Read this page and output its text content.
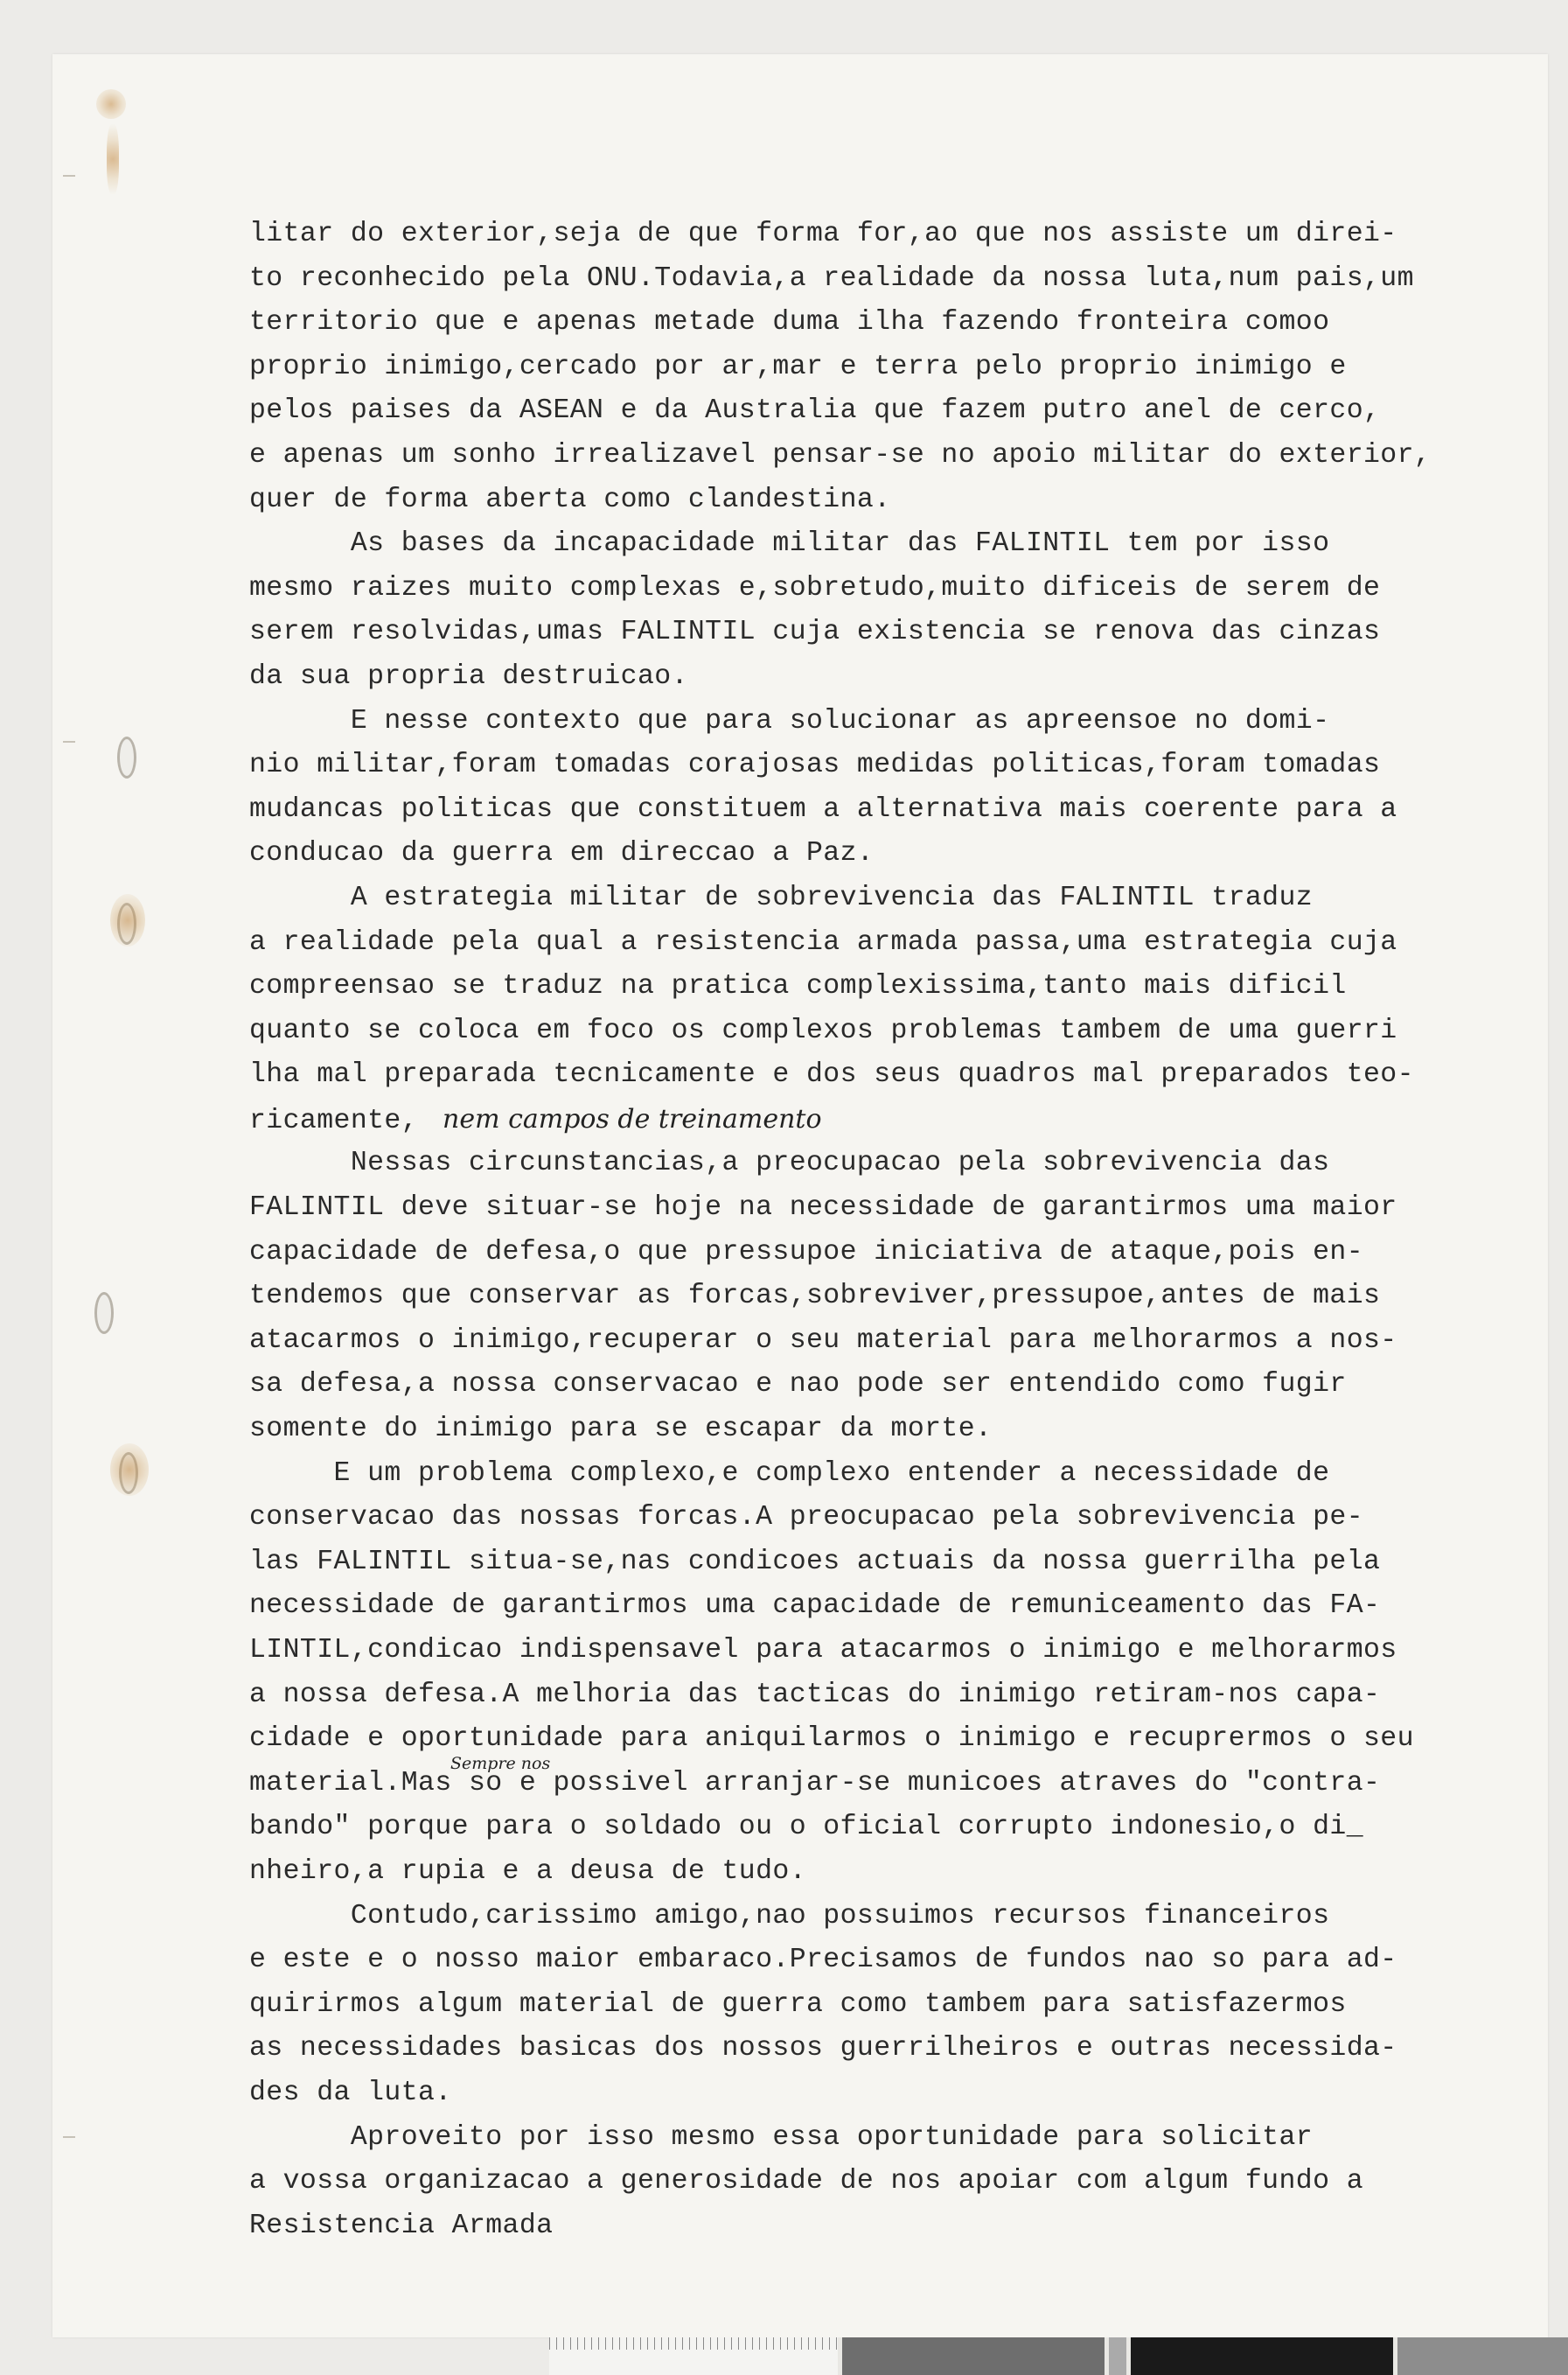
litar do exterior,seja de que forma for,ao que nos assiste um direi-
to reconhecido pela ONU.Todavia,a realidade da nossa luta,num pais,um
territorio que e apenas metade duma ilha fazendo fronteira comoo
proprio inimigo,cercado por ar,mar e terra pelo proprio inimigo e
pelos paises da ASEAN e da Australia que fazem putro anel de cerco,
e apenas um sonho irrealizavel pensar-se no apoio militar do exterior,
quer de forma aberta como clandestina.
As bases da incapacidade militar das FALINTIL tem por isso
mesmo raizes muito complexas e,sobretudo,muito dificeis de serem de
serem resolvidas,umas FALINTIL cuja existencia se renova das cinzas
da sua propria destruicao.
E nesse contexto que para solucionar as apreensoe no domi-
nio militar,foram tomadas corajosas medidas politicas,foram tomadas
mudancas politicas que constituem a alternativa mais coerente para a
conducao da guerra em direccao a Paz.
A estrategia militar de sobrevivencia das FALINTIL traduz
a realidade pela qual a resistencia armada passa,uma estrategia cuja
compreensao se traduz na pratica complexissima,tanto mais dificil
quanto se coloca em foco os complexos problemas tambem de uma guerri
lha mal preparada tecnicamente e dos seus quadros mal preparados teo-
ricamente, nem campos de treinamento
Nessas circunstancias,a preocupacao pela sobrevivencia das
FALINTIL deve situar-se hoje na necessidade de garantirmos uma maior
capacidade de defesa,o que pressupoe iniciativa de ataque,pois en-
tendemos que conservar as forcas,sobreviver,pressupoe,antes de mais
atacarmos o inimigo,recuperar o seu material para melhorarmos a nos-
sa defesa,a nossa conservacao e nao pode ser entendido como fugir
somente do inimigo para se escapar da morte.
E um problema complexo,e complexo entender a necessidade de
conservacao das nossas forcas.A preocupacao pela sobrevivencia pe-
las FALINTIL situa-se,nas condicoes actuais da nossa guerrilha pela
necessidade de garantirmos uma capacidade de remuniceamento das FA-
LINTIL,condicao indispensavel para atacarmos o inimigo e melhorarmos
a nossa defesa.A melhoria das tacticas do inimigo retiram-nos capa-
cidade e oportunidade para aniquilarmos o inimigo e recuprermos o seu
Sempre nos
material.Mas so e possivel arranjar-se municoes atraves do "contra-
bando" porque para o soldado ou o oficial corrupto indonesio,o di_
nheiro,a rupia e a deusa de tudo.
Contudo,carissimo amigo,nao possuimos recursos financeiros
e este e o nosso maior embaraco.Precisamos de fundos nao so para ad-
quirirmos algum material de guerra como tambem para satisfazermos
as necessidades basicas dos nossos guerrilheiros e outras necessida-
des da luta.
Aproveito por isso mesmo essa oportunidade para solicitar
a vossa organizacao a generosidade de nos apoiar com algum fundo a
Resistencia Armada
